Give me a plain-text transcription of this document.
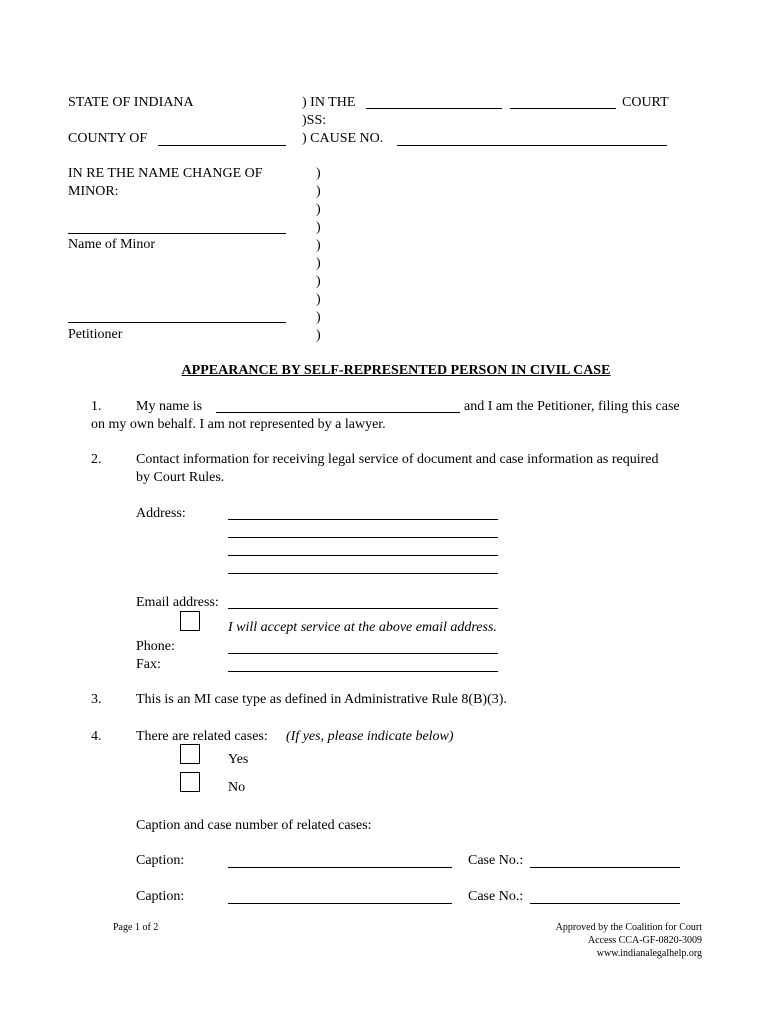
STATE OF INDIANA	) IN THE	COURT
)SS:
COUNTY OF	) CAUSE NO.
IN RE THE NAME CHANGE OF
MINOR:
Name of Minor
Petitioner
)
)
)
)
)
)
)
)
)
)
APPEARANCE BY SELF-REPRESENTED PERSON IN CIVIL CASE
1. My name is	and I am the Petitioner, filing this case
on my own behalf. I am not represented by a lawyer.
2. Contact information for receiving legal service of document and case information as required
by Court Rules.
Address:
Email address:
I will accept service at the above email address.
Phone:
Fax:
3. This is an MI case type as defined in Administrative Rule 8(B)(3).
4. There are related cases: (If yes, please indicate below)
Yes
No
Caption and case number of related cases:
Caption:	Case No.:
Caption:	Case No.:
Page 1 of 2	Approved by the Coalition for Court
Access CCA-GF-0820-3009
www.indianalegalhelp.org
